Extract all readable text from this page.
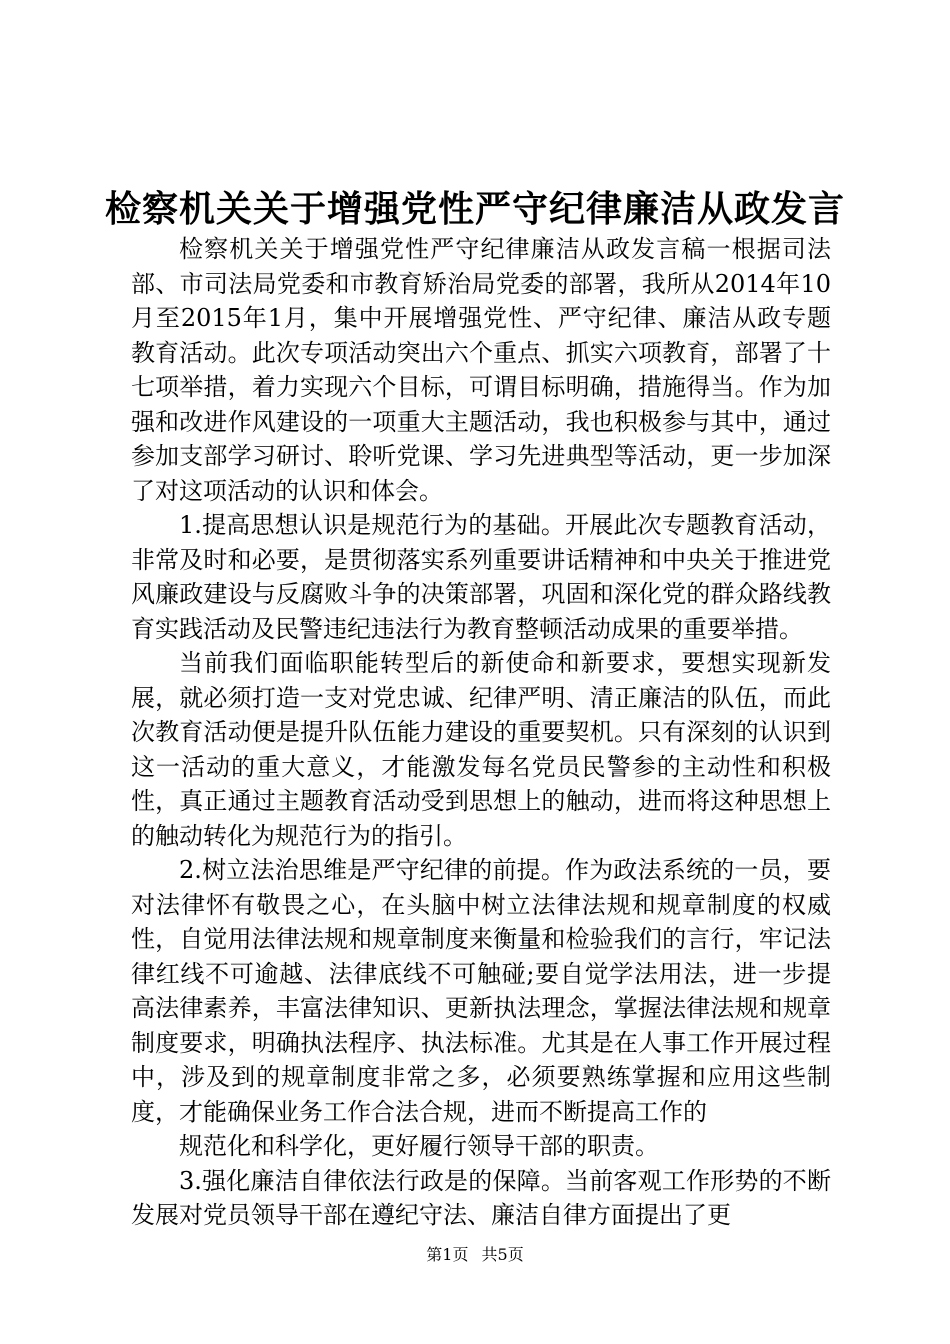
检察机关关于增强党性严守纪律廉洁从政发言

检察机关关于增强党性严守纪律廉洁从政发言稿一根据司法部、市司法局党委和市教育矫治局党委的部署，我所从2014年10月至2015年1月，集中开展增强党性、严守纪律、廉洁从政专题教育活动。此次专项活动突出六个重点、抓实六项教育，部署了十七项举措，着力实现六个目标，可谓目标明确，措施得当。作为加强和改进作风建设的一项重大主题活动，我也积极参与其中，通过参加支部学习研讨、聆听党课、学习先进典型等活动，更一步加深了对这项活动的认识和体会。

1.提高思想认识是规范行为的基础。开展此次专题教育活动，非常及时和必要，是贯彻落实系列重要讲话精神和中央关于推进党风廉政建设与反腐败斗争的决策部署，巩固和深化党的群众路线教育实践活动及民警违纪违法行为教育整顿活动成果的重要举措。

当前我们面临职能转型后的新使命和新要求，要想实现新发展，就必须打造一支对党忠诚、纪律严明、清正廉洁的队伍，而此次教育活动便是提升队伍能力建设的重要契机。只有深刻的认识到这一活动的重大意义，才能激发每名党员民警参的主动性和积极性，真正通过主题教育活动受到思想上的触动，进而将这种思想上的触动转化为规范行为的指引。

2.树立法治思维是严守纪律的前提。作为政法系统的一员，要对法律怀有敬畏之心，在头脑中树立法律法规和规章制度的权威性，自觉用法律法规和规章制度来衡量和检验我们的言行，牢记法律红线不可逾越、法律底线不可触碰;要自觉学法用法，进一步提高法律素养，丰富法律知识、更新执法理念，掌握法律法规和规章制度要求，明确执法程序、执法标准。尤其是在人事工作开展过程中，涉及到的规章制度非常之多，必须要熟练掌握和应用这些制度，才能确保业务工作合法合规，进而不断提高工作的

规范化和科学化，更好履行领导干部的职责。

3.强化廉洁自律依法行政是的保障。当前客观工作形势的不断发展对党员领导干部在遵纪守法、廉洁自律方面提出了更

第1页 共5页
